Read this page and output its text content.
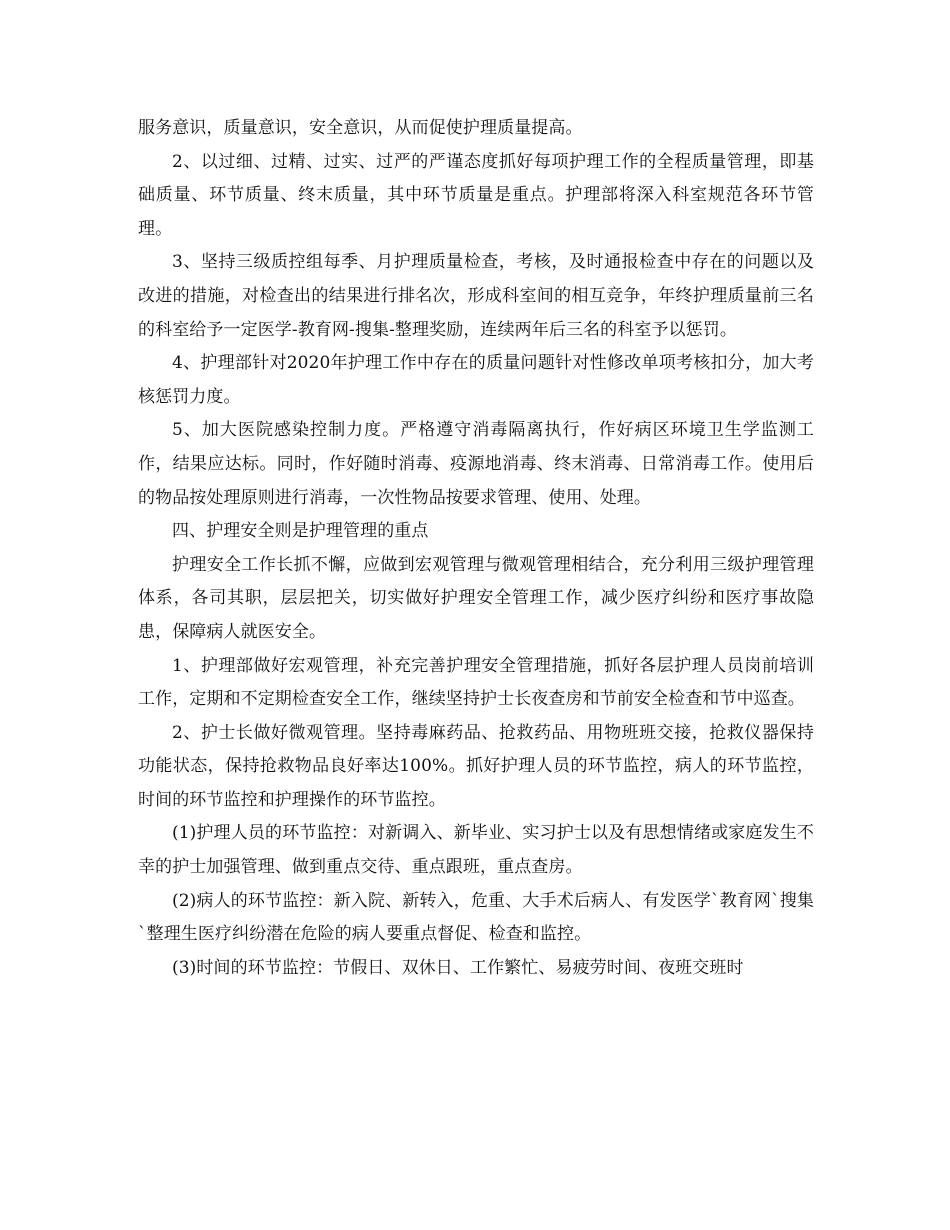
服务意识，质量意识，安全意识，从而促使护理质量提高。

2、以过细、过精、过实、过严的严谨态度抓好每项护理工作的全程质量管理，即基础质量、环节质量、终末质量，其中环节质量是重点。护理部将深入科室规范各环节管理。

3、坚持三级质控组每季、月护理质量检查，考核，及时通报检查中存在的问题以及改进的措施，对检查出的结果进行排名次，形成科室间的相互竞争，年终护理质量前三名的科室给予一定医学-教育网-搜集-整理奖励，连续两年后三名的科室予以惩罚。

4、护理部针对2020年护理工作中存在的质量问题针对性修改单项考核扣分，加大考核惩罚力度。

5、加大医院感染控制力度。严格遵守消毒隔离执行，作好病区环境卫生学监测工作，结果应达标。同时，作好随时消毒、疫源地消毒、终末消毒、日常消毒工作。使用后的物品按处理原则进行消毒，一次性物品按要求管理、使用、处理。

四、护理安全则是护理管理的重点

护理安全工作长抓不懈，应做到宏观管理与微观管理相结合，充分利用三级护理管理体系，各司其职，层层把关，切实做好护理安全管理工作，减少医疗纠纷和医疗事故隐患，保障病人就医安全。

1、护理部做好宏观管理，补充完善护理安全管理措施，抓好各层护理人员岗前培训工作，定期和不定期检查安全工作，继续坚持护士长夜查房和节前安全检查和节中巡查。

2、护士长做好微观管理。坚持毒麻药品、抢救药品、用物班班交接，抢救仪器保持功能状态，保持抢救物品良好率达100%。抓好护理人员的环节监控，病人的环节监控，时间的环节监控和护理操作的环节监控。

(1)护理人员的环节监控：对新调入、新毕业、实习护士以及有思想情绪或家庭发生不幸的护士加强管理、做到重点交待、重点跟班，重点查房。

(2)病人的环节监控：新入院、新转入，危重、大手术后病人、有发医学`教育网`搜集`整理生医疗纠纷潜在危险的病人要重点督促、检查和监控。

(3)时间的环节监控：节假日、双休日、工作繁忙、易疲劳时间、夜班交班时
